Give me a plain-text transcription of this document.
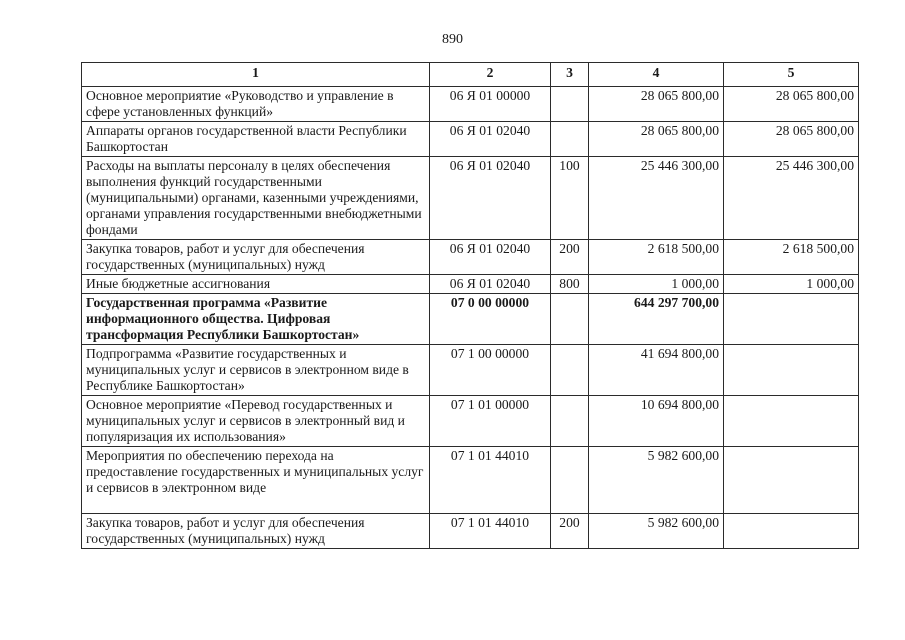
890
1	2	3	4	5
Основное мероприятие «Руководство и управление в сфере установленных функций»	06 Я 01 00000		28 065 800,00	28 065 800,00
Аппараты органов государственной власти Республики Башкортостан	06 Я 01 02040		28 065 800,00	28 065 800,00
Расходы на выплаты персоналу в целях обеспечения выполнения функций государственными (муниципальными) органами, казенными учреждениями, органами управления государственными внебюджетными фондами	06 Я 01 02040	100	25 446 300,00	25 446 300,00
Закупка товаров, работ и услуг для обеспечения государственных (муниципальных) нужд	06 Я 01 02040	200	2 618 500,00	2 618 500,00
Иные бюджетные ассигнования	06 Я 01 02040	800	1 000,00	1 000,00
Государственная программа «Развитие информационного общества. Цифровая трансформация Республики Башкортостан»	07 0 00 00000		644 297 700,00	
Подпрограмма «Развитие государственных и муниципальных услуг и сервисов в электронном виде в Республике Башкортостан»	07 1 00 00000		41 694 800,00	
Основное мероприятие «Перевод государственных и муниципальных услуг и сервисов в электронный вид и популяризация их использования»	07 1 01 00000		10 694 800,00	
Мероприятия по обеспечению перехода на предоставление государственных и муниципальных услуг и сервисов в электронном виде	07 1 01 44010		5 982 600,00	
Закупка товаров, работ и услуг для обеспечения государственных (муниципальных) нужд	07 1 01 44010	200	5 982 600,00	
